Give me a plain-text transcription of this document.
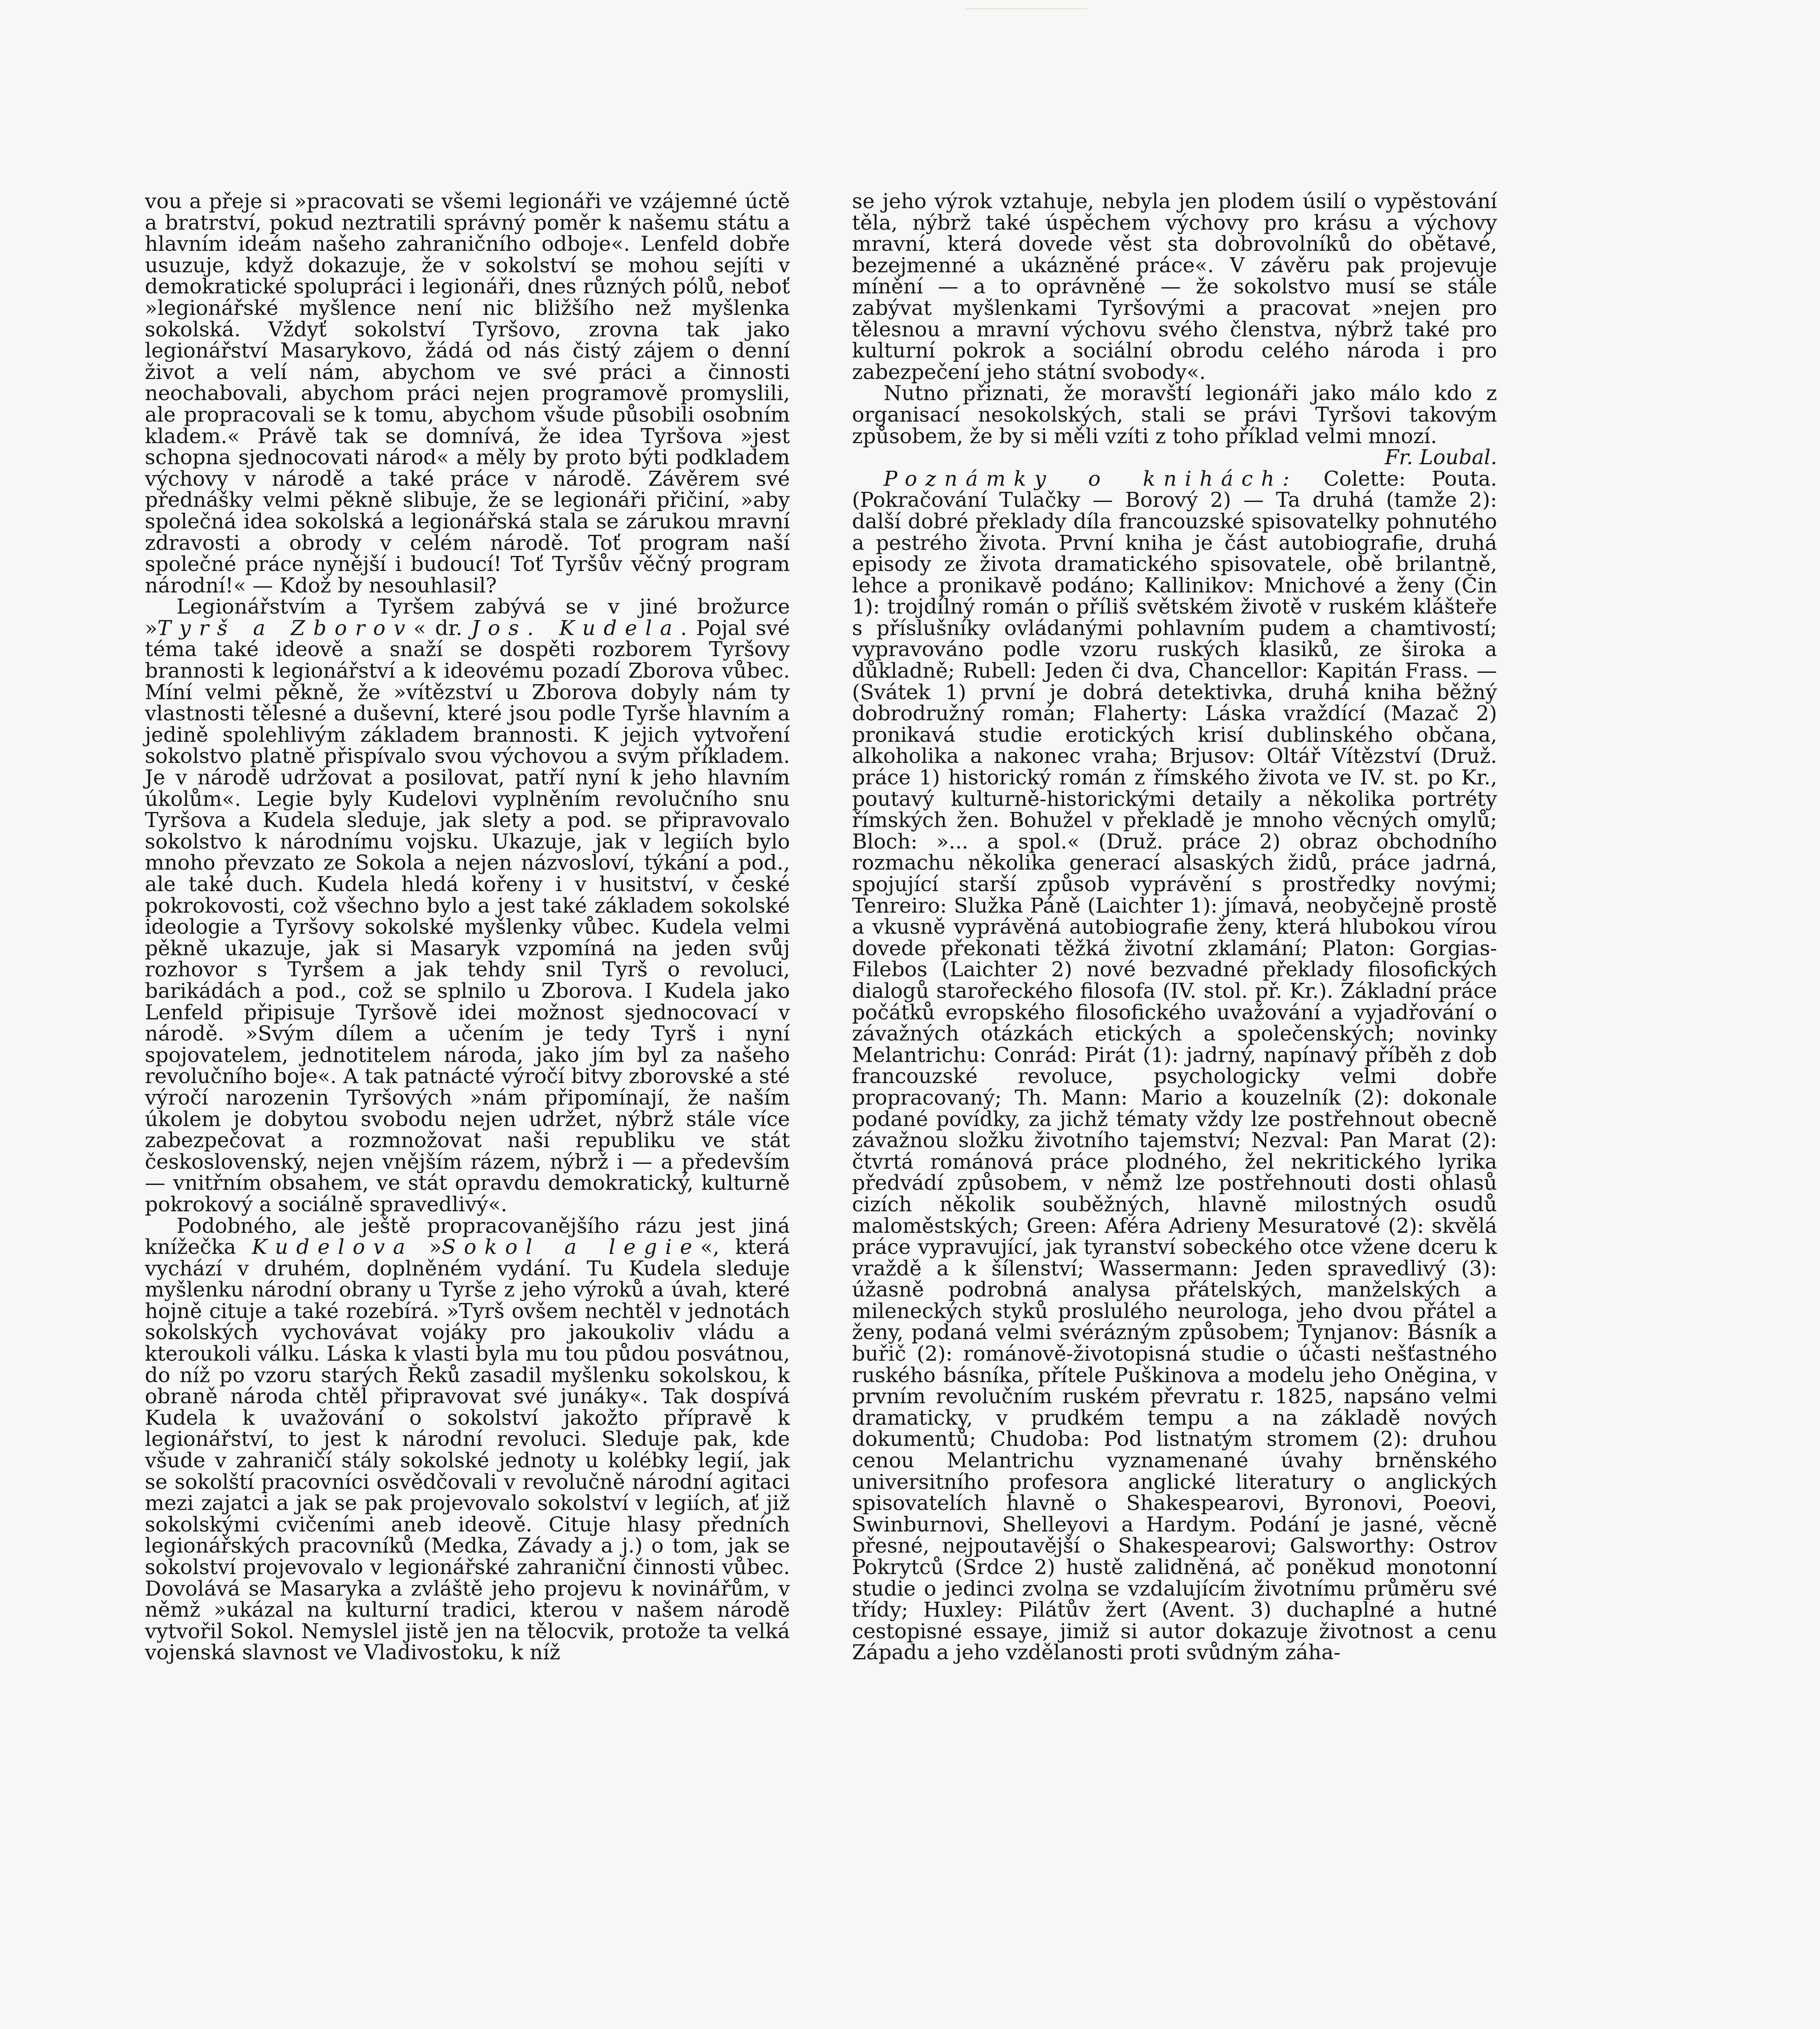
vou a přeje si »pracovati se všemi legionáři ve vzájemné úctě a bratrství, pokud neztratili správný poměr k našemu státu a hlavním ideám našeho zahraničního odboje«. Lenfeld dobře usuzuje, když dokazuje, že v sokolství se mohou sejíti v demokratické spolupráci i legionáři, dnes různých pólů, neboť »legionářské myšlence není nic bližšího než myšlenka sokolská. Vždyť sokolství Tyršovo, zrovna tak jako legionářství Masarykovo, žádá od nás čistý zájem o denní život a velí nám, abychom ve své práci a činnosti neochabovali, abychom práci nejen programově promyslili, ale propracovali se k tomu, abychom všude působili osobním kladem.« Právě tak se domnívá, že idea Tyršova »jest schopna sjednocovati národ« a měly by proto býti podkladem výchovy v národě a také práce v národě. Závěrem své přednášky velmi pěkně slibuje, že se legionáři přičiní, »aby společná idea sokolská a legionářská stala se zárukou mravní zdravosti a obrody v celém národě. Toť program naší společné práce nynější i budoucí! Toť Tyršův věčný program národní!« — Kdož by nesouhlasil?

Legionářstvím a Tyršem zabývá se v jiné brožurce »Tyrš a Zborov« dr. Jos. Kudela. Pojal své téma také ideově a snaží se dospěti rozborem Tyršovy brannosti k legionářství a k ideovému pozadí Zborova vůbec. Míní velmi pěkně, že »vítězství u Zborova dobyly nám ty vlastnosti tělesné a duševní, které jsou podle Tyrše hlavním a jedině spolehlivým základem brannosti. K jejich vytvoření sokolstvo platně přispívalo svou výchovou a svým příkladem. Je v národě udržovat a posilovat, patří nyní k jeho hlavním úkolům«. Legie byly Kudelovi vyplněním revolučního snu Tyršova a Kudela sleduje, jak slety a pod. se připravovalo sokolstvo k národnímu vojsku. Ukazuje, jak v legiích bylo mnoho převzato ze Sokola a nejen názvosloví, týkání a pod., ale také duch. Kudela hledá kořeny i v husitství, v české pokrokovosti, což všechno bylo a jest také základem sokolské ideologie a Tyršovy sokolské myšlenky vůbec. Kudela velmi pěkně ukazuje, jak si Masaryk vzpomíná na jeden svůj rozhovor s Tyršem a jak tehdy snil Tyrš o revoluci, barikádách a pod., což se splnilo u Zborova. I Kudela jako Lenfeld připisuje Tyršově idei možnost sjednocovací v národě. »Svým dílem a učením je tedy Tyrš i nyní spojovatelem, jednotitelem národa, jako jím byl za našeho revolučního boje«. A tak patnácté výročí bitvy zborovské a sté výročí narozenin Tyršových »nám připomínají, že naším úkolem je dobytou svobodu nejen udržet, nýbrž stále více zabezpečovat a rozmnožovat naši republiku ve stát československý, nejen vnějším rázem, nýbrž i — a především — vnitřním obsahem, ve stát opravdu demokratický, kulturně pokrokový a sociálně spravedlivý«.

Podobného, ale ještě propracovanějšího rázu jest jiná knížečka Kudelova »Sokol a legie«, která vychází v druhém, doplněném vydání. Tu Kudela sleduje myšlenku národní obrany u Tyrše z jeho výroků a úvah, které hojně cituje a také rozebírá. »Tyrš ovšem nechtěl v jednotách sokolských vychovávat vojáky pro jakoukoliv vládu a kteroukoli válku. Láska k vlasti byla mu tou půdou posvátnou, do níž po vzoru starých Řeků zasadil myšlenku sokolskou, k obraně národa chtěl připravovat své junáky«. Tak dospívá Kudela k uvažování o sokolství jakožto přípravě k legionářství, to jest k národní revoluci. Sleduje pak, kde všude v zahraničí stály sokolské jednoty u kolébky legií, jak se sokolští pracovníci osvědčovali v revolučně národní agitaci mezi zajatci a jak se pak projevovalo sokolství v legiích, ať již sokolskými cvičeními aneb ideově. Cituje hlasy předních legionářských pracovníků (Medka, Závady a j.) o tom, jak se sokolství projevovalo v legionářské zahraniční činnosti vůbec. Dovolává se Masaryka a zvláště jeho projevu k novinářům, v němž »ukázal na kulturní tradici, kterou v našem národě vytvořil Sokol. Nemyslel jistě jen na tělocvik, protože ta velká vojenská slavnost ve Vladivostoku, k níž

se jeho výrok vztahuje, nebyla jen plodem úsilí o vypěstování těla, nýbrž také úspěchem výchovy pro krásu a výchovy mravní, která dovede věst sta dobrovolníků do obětavé, bezejmenné a ukázněné práce«. V závěru pak projevuje mínění — a to oprávněné — že sokolstvo musí se stále zabývat myšlenkami Tyršovými a pracovat »nejen pro tělesnou a mravní výchovu svého členstva, nýbrž také pro kulturní pokrok a sociální obrodu celého národa i pro zabezpečení jeho státní svobody«.

Nutno přiznati, že moravští legionáři jako málo kdo z organisací nesokolských, stali se právi Tyršovi takovým způsobem, že by si měli vzíti z toho příklad velmi mnozí.

Fr. Loubal.

Poznámky o knihách: Colette: Pouta. (Pokračování Tulačky — Borový 2) — Ta druhá (tamže 2): další dobré překlady díla francouzské spisovatelky pohnutého a pestrého života. První kniha je část autobiografie, druhá episody ze života dramatického spisovatele, obě brilantně, lehce a pronikavě podáno; Kallinikov: Mnichové a ženy (Čin 1): trojdílný román o příliš světském životě v ruském klášteře s příslušníky ovládanými pohlavním pudem a chamtivostí; vypravováno podle vzoru ruských klasiků, ze široka a důkladně; Rubell: Jeden či dva, Chancellor: Kapitán Frass. — (Svátek 1) první je dobrá detektivka, druhá kniha běžný dobrodružný román; Flaherty: Láska vraždící (Mazač 2) pronikavá studie erotických krisí dublinského občana, alkoholika a nakonec vraha; Brjusov: Oltář Vítězství (Druž. práce 1) historický román z římského života ve IV. st. po Kr., poutavý kulturně-historickými detaily a několika portréty římských žen. Bohužel v překladě je mnoho věcných omylů; Bloch: »... a spol.« (Druž. práce 2) obraz obchodního rozmachu několika generací alsaských židů, práce jadrná, spojující starší způsob vyprávění s prostředky novými; Tenreiro: Služka Páně (Laichter 1): jímavá, neobyčejně prostě a vkusně vyprávěná autobiografie ženy, která hlubokou vírou dovede překonati těžká životní zklamání; Platon: Gorgias-Filebos (Laichter 2) nové bezvadné překlady filosofických dialogů starořeckého filosofa (IV. stol. př. Kr.). Základní práce počátků evropského filosofického uvažování a vyjadřování o závažných otázkách etických a společenských; novinky Melantrichu: Conrád: Pirát (1): jadrný, napínavý příběh z dob francouzské revoluce, psychologicky velmi dobře propracovaný; Th. Mann: Mario a kouzelník (2): dokonale podané povídky, za jichž tématy vždy lze postřehnout obecně závažnou složku životního tajemství; Nezval: Pan Marat (2): čtvrtá románová práce plodného, žel nekritického lyrika předvádí způsobem, v němž lze postřehnouti dosti ohlasů cizích několik souběžných, hlavně milostných osudů maloměstských; Green: Aféra Adrieny Mesuratové (2): skvělá práce vypravující, jak tyranství sobeckého otce vžene dceru k vraždě a k šílenství; Wassermann: Jeden spravedlivý (3): úžasně podrobná analysa přátelských, manželských a mileneckých styků proslulého neurologa, jeho dvou přátel a ženy, podaná velmi svérázným způsobem; Tynjanov: Básník a buřič (2): románově-životopisná studie o účasti nešťastného ruského básníka, přítele Puškinova a modelu jeho Oněgina, v prvním revolučním ruském převratu r. 1825, napsáno velmi dramaticky, v prudkém tempu a na základě nových dokumentů; Chudoba: Pod listnatým stromem (2): druhou cenou Melantrichu vyznamenané úvahy brněnského universitního profesora anglické literatury o anglických spisovatelích hlavně o Shakespearovi, Byronovi, Poeovi, Swinburnovi, Shelleyovi a Hardym. Podání je jasné, věcně přesné, nejpoutavější o Shakespearovi; Galsworthy: Ostrov Pokrytců (Srdce 2) hustě zalidněná, ač poněkud monotonní studie o jedinci zvolna se vzdalujícím životnímu průměru své třídy; Huxley: Pilátův žert (Avent. 3) duchaplné a hutné cestopisné essaye, jimiž si autor dokazuje životnost a cenu Západu a jeho vzdělanosti proti svůdným záha-
